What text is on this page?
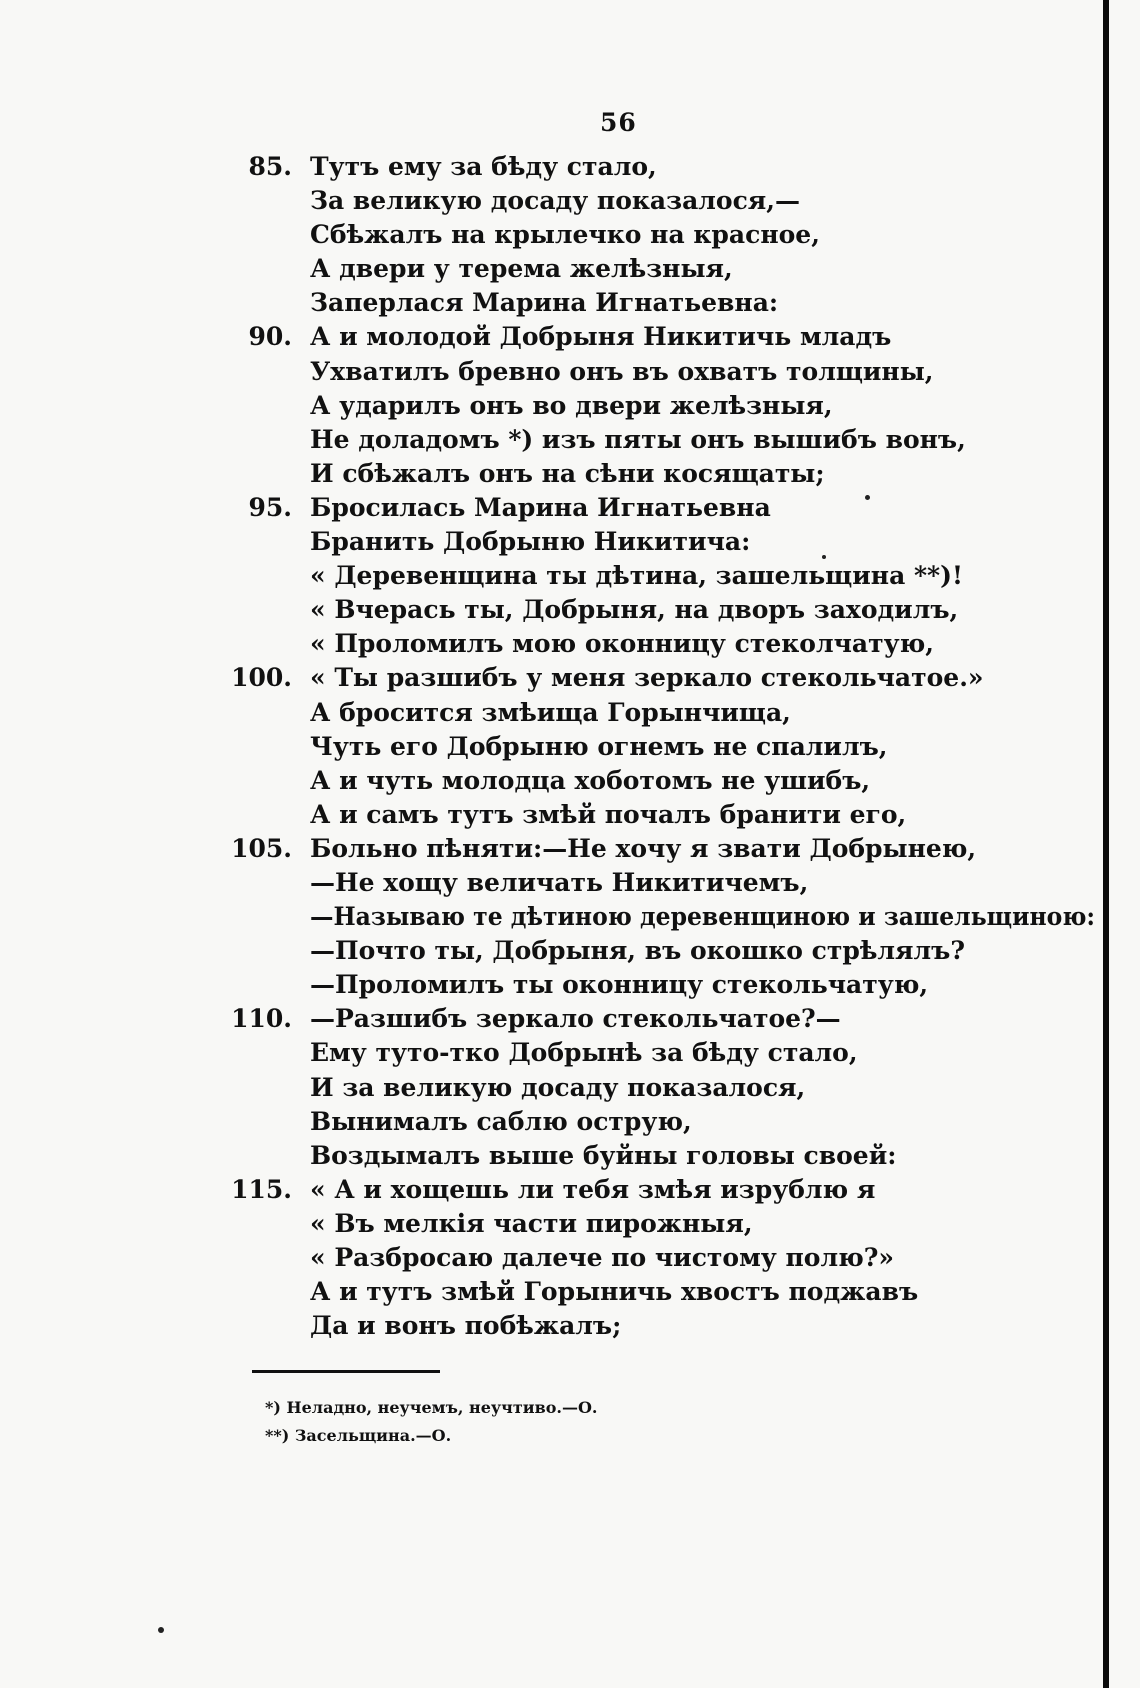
56
85. Тутъ ему за бѣду стало,
За великую досаду показалося,—
Сбѣжалъ на крылечко на красное,
А двери у терема желѣзныя,
Заперлася Марина Игнатьевна:
90. А и молодой Добрыня Никитичь младъ
Ухватилъ бревно онъ въ охватъ толщины,
А ударилъ онъ во двери желѣзныя,
Не доладомъ *) изъ пяты онъ вышибъ вонъ,
И сбѣжалъ онъ на сѣни косящаты;
95. Бросилась Марина Игнатьевна
Бранить Добрыню Никитича:
« Деревенщина ты дѣтина, зашельщина **)!
« Вчерась ты, Добрыня, на дворъ заходилъ,
« Проломилъ мою оконницу стеколчатую,
100. « Ты разшибъ у меня зеркало стекольчатое.»
А бросится змѣища Горынчища,
Чуть его Добрыню огнемъ не спалилъ,
А и чуть молодца хоботомъ не ушибъ,
А и самъ тутъ змѣй почалъ бранити его,
105. Больно пѣняти:—Не хочу я звати Добрынею,
—Не хощу величать Никитичемъ,
—Называю те дѣтиною деревенщиною и зашельщиною:
—Почто ты, Добрыня, въ окошко стрѣлялъ?
—Проломилъ ты оконницу стекольчатую,
110. —Разшибъ зеркало стекольчатое?—
Ему туто-тко Добрынѣ за бѣду стало,
И за великую досаду показалося,
Вынималъ саблю острую,
Воздымалъ выше буйны головы своей:
115. « А и хощешь ли тебя змѣя изрублю я
« Въ мелкія части пирожныя,
« Разбросаю далече по чистому полю?»
А и тутъ змѣй Горыничь хвостъ поджавъ
Да и вонъ побѣжалъ;
*) Неладно, неучемъ, неучтиво.—О.
**) Засельщина.—О.
